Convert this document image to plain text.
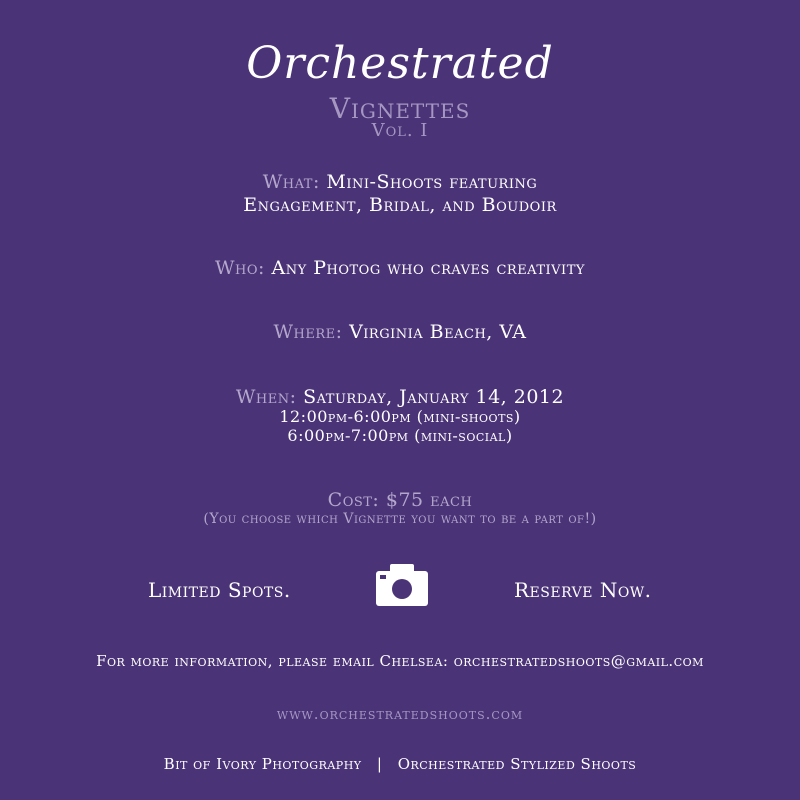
Orchestrated
Vignettes
Vol. I
What: Mini-Shoots featuring
Engagement, Bridal, and Boudoir
Who: Any Photog who craves creativity
Where: Virginia Beach, VA
When: Saturday, January 14, 2012
12:00pm-6:00pm (mini-shoots)
6:00pm-7:00pm (mini-social)
Cost: $75 each
(You choose which Vignette you want to be a part of!)
Limited Spots.	Reserve Now.
For more information, please email Chelsea: orchestratedshoots@gmail.com
www.orchestratedshoots.com
Bit of Ivory Photography | Orchestrated Stylized Shoots
